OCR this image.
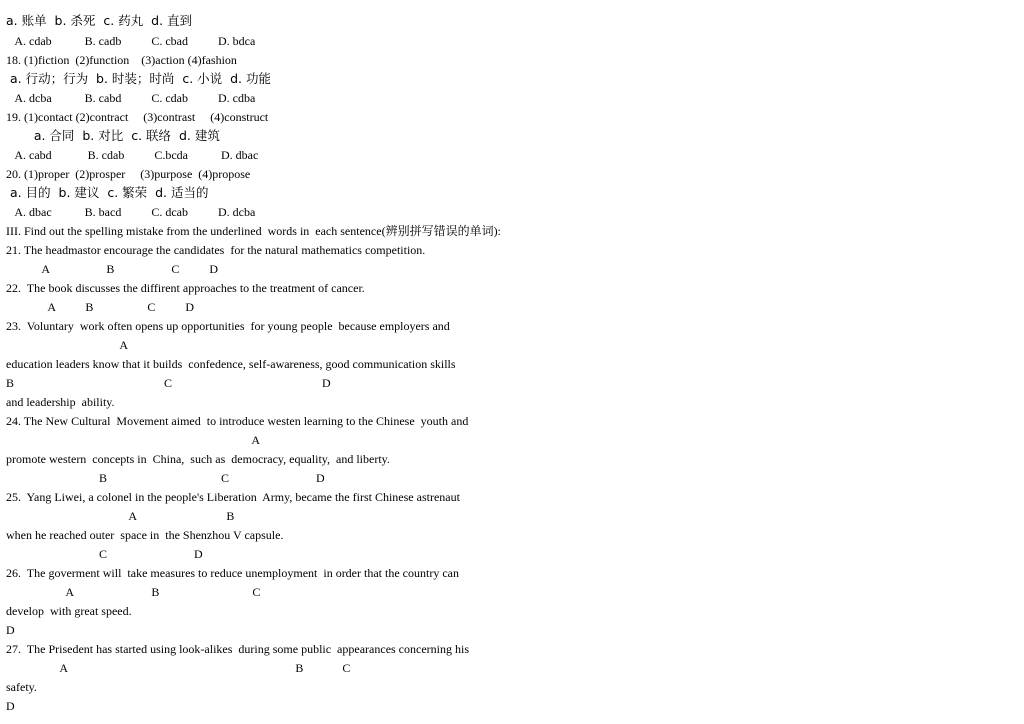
a. 账单  b. 杀死  c. 药丸  d. 直到
A. cdab           B. cadb          C. cbad          D. bdca
18. (1)fiction  (2)function    (3)action (4)fashion
a. 行动；行为  b. 时装；时尚  c. 小说  d. 功能
A. dcba           B. cabd          C. cdab          D. cdba
19. (1)contact (2)contract     (3)contrast     (4)construct
a. 合同  b. 对比  c. 联络  d. 建筑
A. cabd            B. cdab          C.bcda           D. dbac
20. (1)proper  (2)prosper     (3)purpose  (4)propose
a. 目的  b. 建议  c. 繁荣  d. 适当的
A. dbac           B. bacd          C. dcab          D. dcba
III. Find out the spelling mistake from the underlined  words in  each sentence(辨别拼写错误的单词):
21. The headmastor encourage the candidates  for the natural mathematics competition.
A                   B                   C          D
22.  The book discusses the diffirent approaches to the treatment of cancer.
A          B                  C          D
23.  Voluntary  work often opens up opportunities  for young people  because employers and
A
education leaders know that it builds  confedence, self-awareness, good communication skills
B                                                  C                                                  D
and leadership  ability.
24. The New Cultural  Movement aimed  to introduce westen learning to the Chinese  youth and
A
promote western  concepts in  China,  such as  democracy, equality,  and liberty.
B                                      C                             D
25.  Yang Liwei, a colonel in the people's Liberation  Army, became the first Chinese astrenaut
A                              B
when he reached outer  space in  the Shenzhou V capsule.
C                             D
26.  The goverment will  take measures to reduce unemployment  in order that the country can
A                          B                               C
develop  with great speed.
D
27.  The Prisedent has started using look-alikes  during some public  appearances concerning his
A                                                                            B             C
safety.
D
